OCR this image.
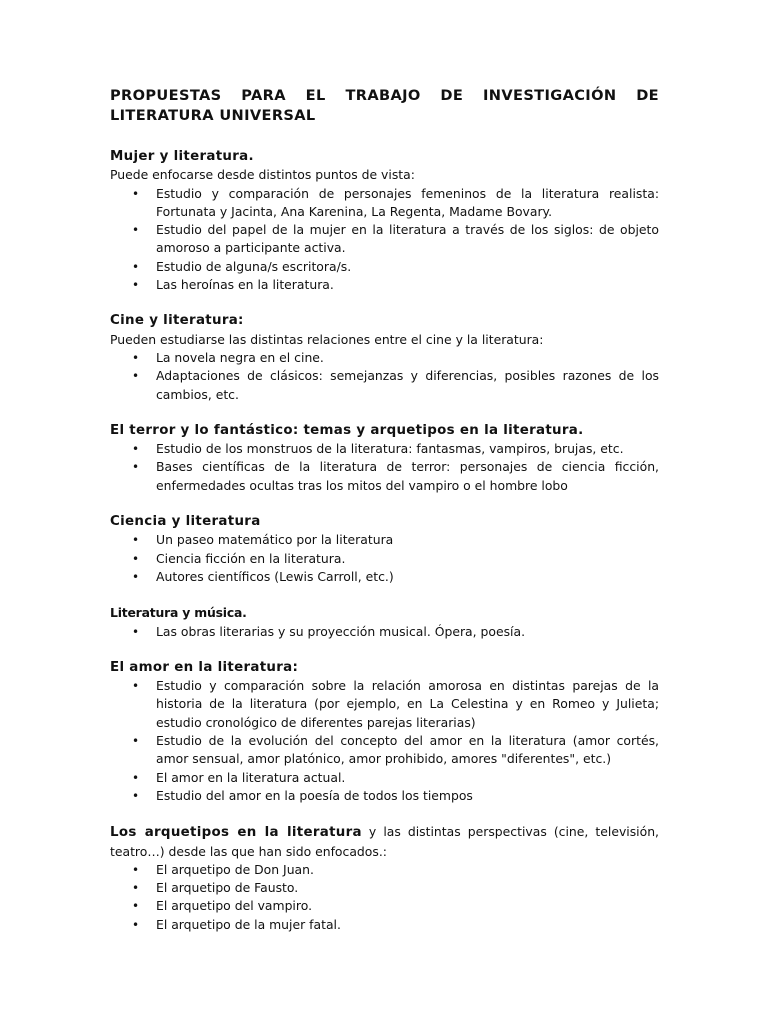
PROPUESTAS PARA EL TRABAJO DE INVESTIGACIÓN DE LITERATURA UNIVERSAL
Mujer y literatura.

Puede enfocarse desde distintos puntos de vista:

• Estudio y comparación de personajes femeninos de la literatura realista: Fortunata y Jacinta, Ana Karenina, La Regenta, Madame Bovary.
• Estudio del papel de la mujer en la literatura a través de los siglos: de objeto amoroso a participante activa.
• Estudio de alguna/s escritora/s.
• Las heroínas en la literatura.
Cine y literatura:

Pueden estudiarse las distintas relaciones entre el cine y la literatura:

• La novela negra en el cine.
• Adaptaciones de clásicos: semejanzas y diferencias, posibles razones de los cambios, etc.
El terror y lo fantástico: temas y arquetipos en la literatura.
• Estudio de los monstruos de la literatura: fantasmas, vampiros, brujas, etc.
• Bases científicas de la literatura de terror: personajes de ciencia ficción, enfermedades ocultas tras los mitos del vampiro o el hombre lobo
Ciencia y literatura
• Un paseo matemático por la literatura
• Ciencia ficción en la literatura.
• Autores científicos (Lewis Carroll, etc.)
Literatura y música.
• Las obras literarias y su proyección musical. Ópera, poesía.
El amor en la literatura:
• Estudio y comparación sobre la relación amorosa en distintas parejas de la historia de la literatura (por ejemplo, en La Celestina y en Romeo y Julieta; estudio cronológico de diferentes parejas literarias)
• Estudio de la evolución del concepto del amor en la literatura (amor cortés, amor sensual, amor platónico, amor prohibido, amores "diferentes", etc.)
• El amor en la literatura actual.
• Estudio del amor en la poesía de todos los tiempos

Los arquetipos en la literatura y las distintas perspectivas (cine, televisión, teatro…) desde las que han sido enfocados.:

• El arquetipo de Don Juan.
• El arquetipo de Fausto.
• El arquetipo del vampiro.
• El arquetipo de la mujer fatal.
